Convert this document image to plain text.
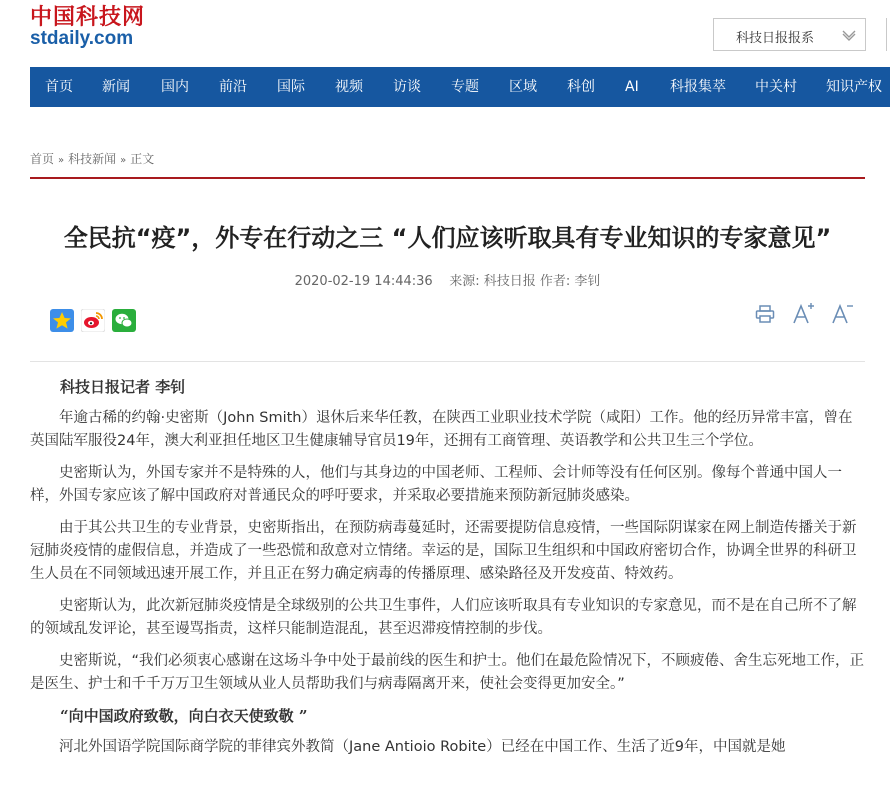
中国科技网
stdaily.com	科技日报报系
首页 新闻 国内 前沿 国际 视频 访谈 专题 区域 科创 AI 科报集萃 中关村 知识产权
首页 » 科技新闻 » 正文
全民抗“疫”，外专在行动之三 “人们应该听取具有专业知识的专家意见”
2020-02-19 14:44:36 来源: 科技日报 作者: 李钊

科技日报记者 李钊

年逾古稀的约翰·史密斯（John Smith）退休后来华任教，在陕西工业职业技术学院（咸阳）工作。他的经历异常丰富，曾在英国陆军服役24年，澳大利亚担任地区卫生健康辅导官员19年，还拥有工商管理、英语教学和公共卫生三个学位。

史密斯认为，外国专家并不是特殊的人，他们与其身边的中国老师、工程师、会计师等没有任何区别。像每个普通中国人一样，外国专家应该了解中国政府对普通民众的呼吁要求，并采取必要措施来预防新冠肺炎感染。

由于其公共卫生的专业背景，史密斯指出，在预防病毒蔓延时，还需要提防信息疫情，一些国际阴谋家在网上制造传播关于新冠肺炎疫情的虚假信息，并造成了一些恐慌和敌意对立情绪。幸运的是，国际卫生组织和中国政府密切合作，协调全世界的科研卫生人员在不同领域迅速开展工作，并且正在努力确定病毒的传播原理、感染路径及开发疫苗、特效药。

史密斯认为，此次新冠肺炎疫情是全球级别的公共卫生事件，人们应该听取具有专业知识的专家意见，而不是在自己所不了解的领域乱发评论，甚至谩骂指责，这样只能制造混乱，甚至迟滞疫情控制的步伐。

史密斯说，“我们必须衷心感谢在这场斗争中处于最前线的医生和护士。他们在最危险情况下，不顾疲倦、舍生忘死地工作，正是医生、护士和千千万万卫生领域从业人员帮助我们与病毒隔离开来，使社会变得更加安全。”

“向中国政府致敬，向白衣天使致敬 ”

河北外国语学院国际商学院的菲律宾外教简（Jane Antioio Robite）已经在中国工作、生活了近9年，中国就是她
